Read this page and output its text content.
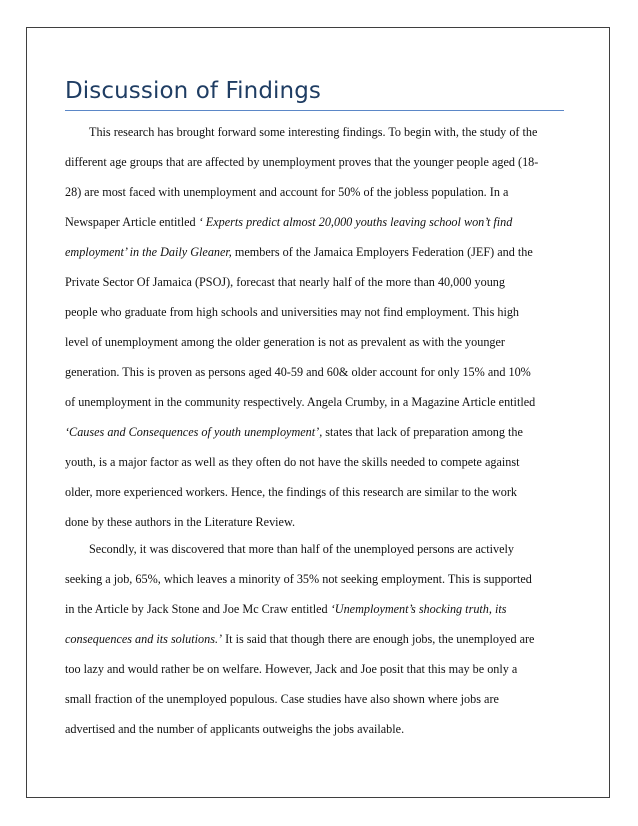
Discussion of Findings
This research has brought forward some interesting findings. To begin with, the study of the
different age groups that are affected by unemployment proves that the younger people aged (18-
28) are most faced with unemployment and account for 50% of the jobless population. In a
Newspaper Article entitled ‘ Experts predict almost 20,000 youths leaving school won’t find
employment’ in the Daily Gleaner, members of the Jamaica Employers Federation (JEF) and the
Private Sector Of Jamaica (PSOJ), forecast that nearly half of the more than 40,000 young
people who graduate from high schools and universities may not find employment. This high
level of unemployment among the older generation is not as prevalent as with the younger
generation. This is proven as persons aged 40-59 and 60& older account for only 15% and 10%
of unemployment in the community respectively. Angela Crumby, in a Magazine Article entitled
‘Causes and Consequences of youth unemployment’, states that lack of preparation among the
youth, is a major factor as well as they often do not have the skills needed to compete against
older, more experienced workers. Hence, the findings of this research are similar to the work
done by these authors in the Literature Review.
Secondly, it was discovered that more than half of the unemployed persons are actively
seeking a job, 65%, which leaves a minority of 35% not seeking employment. This is supported
in the Article by Jack Stone and Joe Mc Craw entitled ‘Unemployment’s shocking truth, its
consequences and its solutions.’ It is said that though there are enough jobs, the unemployed are
too lazy and would rather be on welfare. However, Jack and Joe posit that this may be only a
small fraction of the unemployed populous. Case studies have also shown where jobs are
advertised and the number of applicants outweighs the jobs available.
